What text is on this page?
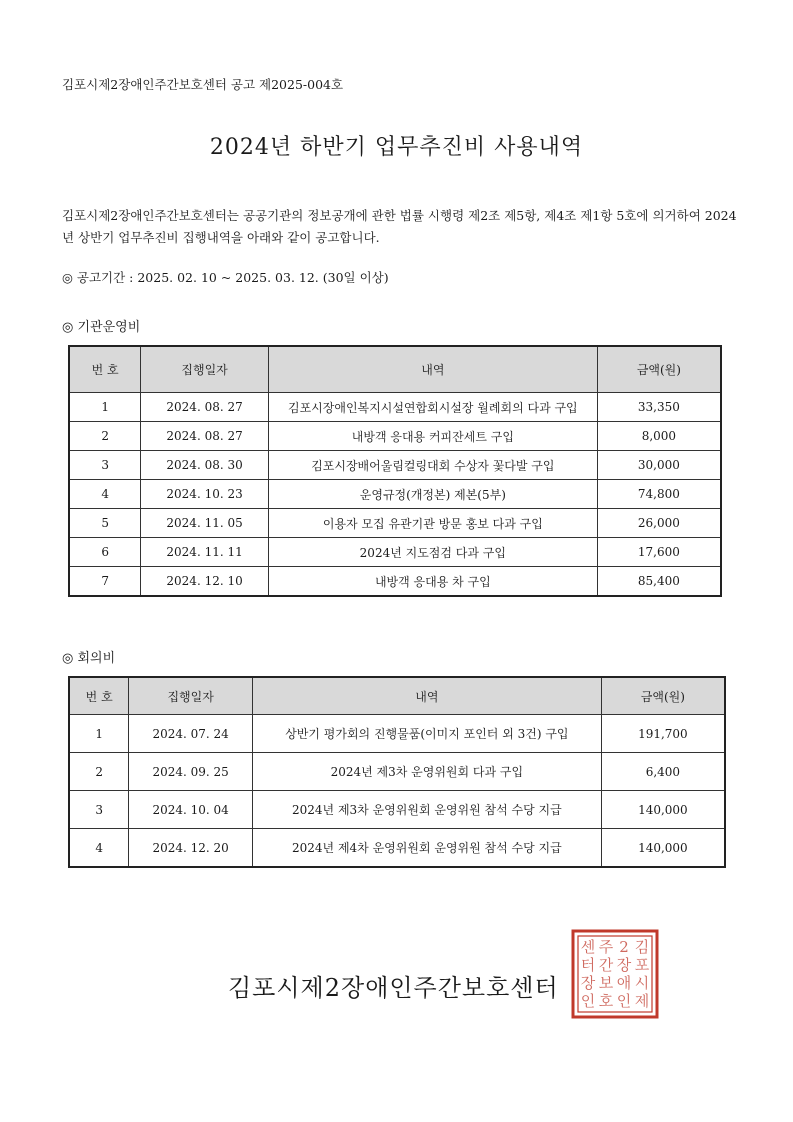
김포시제2장애인주간보호센터 공고 제2025-004호
2024년 하반기 업무추진비 사용내역
김포시제2장애인주간보호센터는 공공기관의 정보공개에 관한 법률 시행령 제2조 제5항, 제4조 제1항 5호에 의거하여 2024년 상반기 업무추진비 집행내역을 아래와 같이 공고합니다.
◎ 공고기간 : 2025. 02. 10 ~ 2025. 03. 12. (30일 이상)
◎ 기관운영비
번 호	집행일자	내역	금액(원)
1	2024. 08. 27	김포시장애인복지시설연합회시설장 월례회의 다과 구입	33,350
2	2024. 08. 27	내방객 응대용 커피잔세트 구입	8,000
3	2024. 08. 30	김포시장배어울림컬링대회 수상자 꽃다발 구입	30,000
4	2024. 10. 23	운영규정(개정본) 제본(5부)	74,800
5	2024. 11. 05	이용자 모집 유관기관 방문 홍보 다과 구입	26,000
6	2024. 11. 11	2024년 지도점검 다과 구입	17,600
7	2024. 12. 10	내방객 응대용 차 구입	85,400
◎ 회의비
번 호	집행일자	내역	금액(원)
1	2024. 07. 24	상반기 평가회의 진행물품(이미지 포인터 외 3건) 구입	191,700
2	2024. 09. 25	2024년 제3차 운영위원회 다과 구입	6,400
3	2024. 10. 04	2024년 제3차 운영위원회 운영위원 참석 수당 지급	140,000
4	2024. 12. 20	2024년 제4차 운영위원회 운영위원 참석 수당 지급	140,000
김포시제2장애인주간보호센터
김
포
시
제
2
장
애
인
주
간
보
호
센
터
장
인
